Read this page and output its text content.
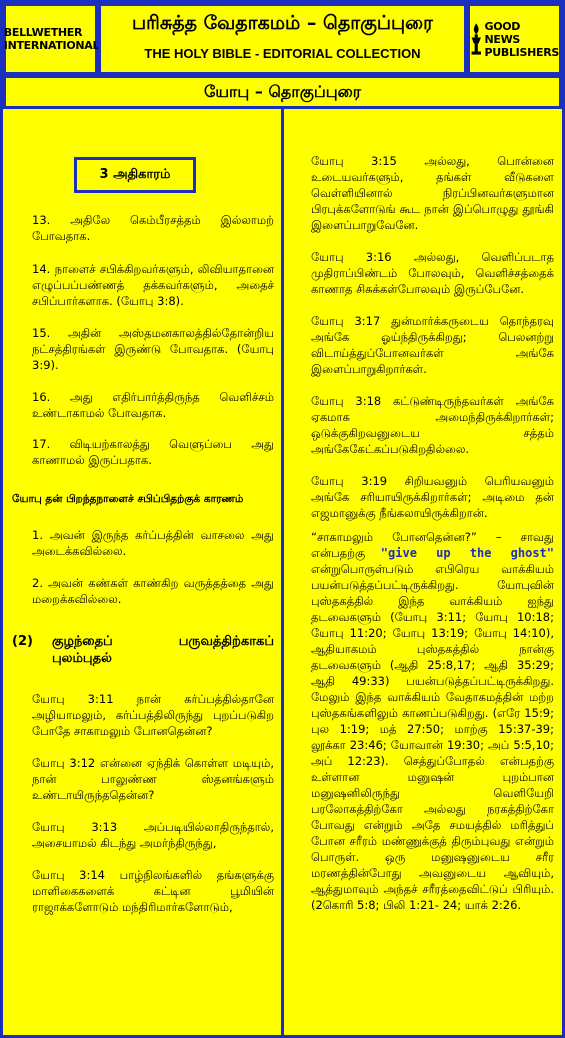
BELLWETHER
INTERNATIONAL
பரிசுத்த வேதாகமம் – தொகுப்புரை
THE HOLY BIBLE - EDITORIAL COLLECTION
GOOD NEWS
PUBLISHERS
யோபு – தொகுப்புரை
3 அதிகாரம்

13. அதிலே கெம்பீரசத்தம் இல்லாமற் போவதாக.

14. நாளைச் சபிக்கிறவர்களும், லிவியாதானை எழுப்பப்பண்ணத் தக்கவர்களும், அதைச் சபிப்பார்களாக. (யோபு 3:8).

15. அதின் அஸ்தமனகாலத்தில்தோன்றிய நட்சத்திரங்கள் இருண்டு போவதாக. (யோபு 3:9).

16. அது எதிர்பார்த்திருந்த வெளிச்சம் உண்டாகாமல் போவதாக.

17. விடியற்காலத்து வெளுப்பை அது காணாமல் இருப்பதாக.

யோபு தன் பிறந்தநாளைச் சபிப்பிதற்குக் காரணம்

1. அவன் இருந்த கர்ப்பத்தின் வாசலை அது அடைக்கவில்லை.

2. அவன் கண்கள் காண்கிற வருத்தத்தை அது மறைக்கவில்லை.

(2)	குழந்தைப் பருவத்திற்காகப் புலம்புதல்

யோபு 3:11 நான் கர்ப்பத்தில்தானே அழியாமலும், கர்ப்பத்திலிருந்து புறப்படுகிற போதே சாகாமலும் போனதென்ன?

யோபு 3:12 என்னை ஏந்திக் கொள்ள மடியும், நான் பாலுண்ண ஸ்தனங்களும் உண்டாயிருந்ததென்ன?

யோபு 3:13 அப்படியில்லாதிருந்தால், அசையாமல் கிடந்து அமர்ந்திருந்து,

யோபு 3:14 பாழ்நிலங்களில் தங்களுக்கு மாளிகைகளைக் கட்டின பூமியின் ராஜாக்களோடும் மந்திரிமார்களோடும்,

யோபு 3:15 அல்லது, பொன்னை உடையவர்களும், தங்கள் வீடுகளை வெள்ளியினால் நிரப்பினவர்களுமான பிரபுக்களோடுங் கூட நான் இப்பொழுது தூங்கி இளைப்பாறுவேனே.

யோபு 3:16 அல்லது, வெளிப்படாத முதிராப்பிண்டம் போலவும், வெளிச்சத்தைக் காணாத சிசுக்கள்போலவும் இருப்பேனே.

யோபு 3:17 துன்மார்க்கருடைய தொந்தரவு அங்கே ஓய்ந்திருக்கிறது; பெலனற்று விடாய்த்துப்போனவர்கள் அங்கே இளைப்பாறுகிறார்கள்.

யோபு 3:18 கட்டுண்டிருந்தவர்கள் அங்கே ஏகமாக அமைந்திருக்கிறார்கள்; ஒடுக்குகிறவனுடைய சத்தம் அங்கேகேட்கப்படுகிறதில்லை.

யோபு 3:19 சிறியவனும் பெரியவனும் அங்கே சரியாயிருக்கிறார்கள்; அடிமை தன் எஜமானுக்கு நீங்கலாயிருக்கிறான்.

“சாகாமலும் போனதென்ன?” – சாவது என்பதற்கு "give up the ghost" என்றுபொருள்படும் எபிரெய வாக்கியம் பயன்படுத்தப்பட்டிருக்கிறது. யோபுவின் புஸ்தகத்தில் இந்த வாக்கியம் ஐந்து தடவைகளும் (யோபு 3:11; யோபு 10:18; யோபு 11:20; யோபு 13:19; யோபு 14:10), ஆதியாகமம் புஸ்தகத்தில் நான்கு தடவைகளும் (ஆதி 25:8,17; ஆதி 35:29; ஆதி 49:33) பயன்படுத்தப்பட்டிருக்கிறது. மேலும் இந்த வாக்கியம் வேதாகமத்தின் மற்ற புஸ்தகங்களிலும் காணப்படுகிறது. (எரே 15:9; புல 1:19; மத் 27:50; மாற்கு 15:37-39; லூக்கா 23:46; யோவான் 19:30; அப் 5:5,10; அப் 12:23). செத்துப்போதல் என்பதற்கு உள்ளான மனுஷன் புறம்பான மனுஷனிலிருந்து வெளியேறி பரலோகத்திற்கோ அல்லது நரகத்திற்கோ போவது என்றும் அதே சமயத்தில் மரித்துப் போன சரீரம் மண்ணுக்குத் திரும்புவது என்றும் பொருள். ஒரு மனுஷனுடைய சரீர மரணத்தின்போது அவனுடைய ஆவியும், ஆத்துமாவும் அந்தச் சரீரத்தைவிட்டுப் பிரியும். (2கொரி 5:8; பிலி 1:21- 24; யாக் 2:26.
